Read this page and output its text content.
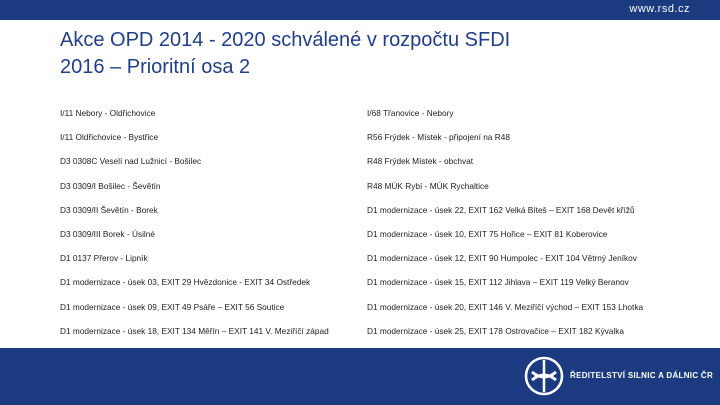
www.rsd.cz
Akce OPD 2014 - 2020 schválené v rozpočtu SFDI
2016 – Prioritní osa 2
I/11 Nebory - Oldřichovice
I/11 Oldřichovice - Bystřice
D3 0308C Veselí nad Lužnicí - Bošilec
D3 0309/I Bošilec - Ševětín
D3 0309/II Ševětín - Borek
D3 0309/III Borek - Úsilné
D1 0137 Přerov - Lipník
D1 modernizace - úsek 03, EXIT 29 Hvězdonice - EXIT 34 Ostředek
D1 modernizace - úsek 09, EXIT 49 Psáře – EXIT 56 Soutice
D1 modernizace - úsek 18, EXIT 134 Měřín – EXIT 141 V. Meziříčí západ
I/68 Třanovice - Nebory
R56 Frýdek - Místek - připojení na R48
R48 Frýdek Místek - obchvat
R48 MÚK Rybí - MÚK Rychaltice
D1 modernizace - úsek 22, EXIT 162 Velká Bíteš – EXIT 168 Devět křížů
D1 modernizace - úsek 10, EXIT 75 Hořice – EXIT 81 Koberovice
D1 modernizace - úsek 12, EXIT 90 Humpolec - EXIT 104 Větrný Jeníkov
D1 modernizace - úsek 15, EXIT 112 Jihlava – EXIT 119 Velký Beranov
D1 modernizace - úsek 20, EXIT 146 V. Meziříčí východ – EXIT 153 Lhotka
D1 modernizace - úsek 25, EXIT 178 Ostrovačice – EXIT 182 Kývalka
ŘEDITELSTVÍ SILNIC A DÁLNIC ČR
